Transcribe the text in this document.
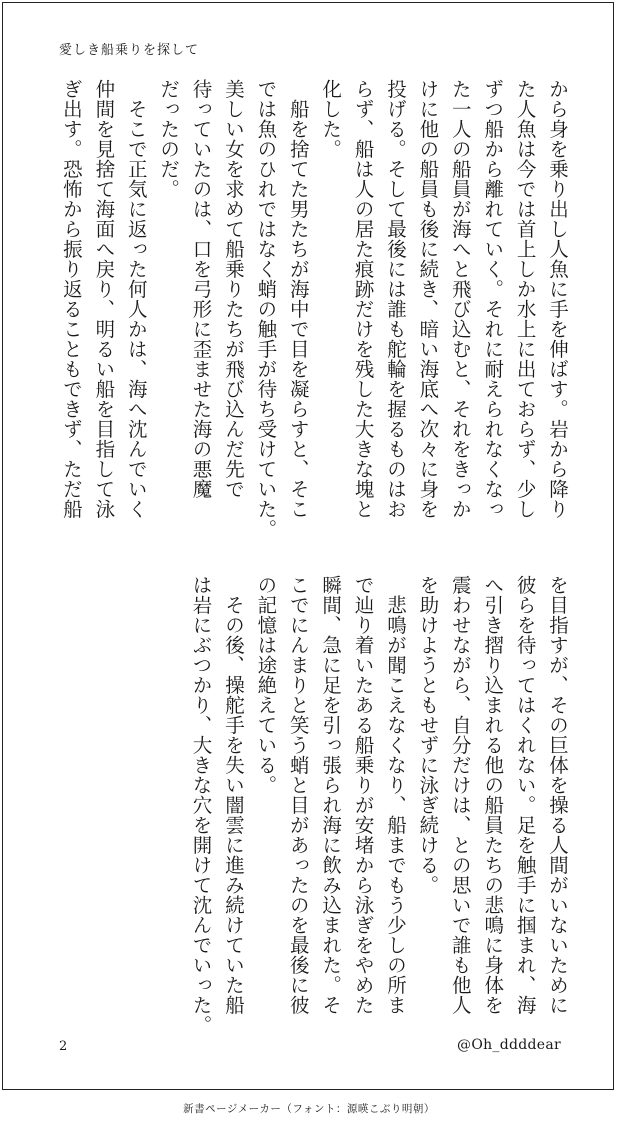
愛しき船乗りを探して
から身を乗り出し人魚に手を伸ばす。岩から降り
た人魚は今では首上しか水上に出ておらず、少し
ずつ船から離れていく。それに耐えられなくなっ
た一人の船員が海へと飛び込むと、それをきっか
けに他の船員も後に続き、暗い海底へ次々に身を
投げる。そして最後には誰も舵輪を握るものはお
らず、船は人の居た痕跡だけを残した大きな塊と
化した。
　船を捨てた男たちが海中で目を凝らすと、そこ
では魚のひれではなく蛸の触手が待ち受けていた。
美しい女を求めて船乗りたちが飛び込んだ先で
待っていたのは、口を弓形に歪ませた海の悪魔
だったのだ。
　そこで正気に返った何人かは、海へ沈んでいく
仲間を見捨て海面へ戻り、明るい船を目指して泳
ぎ出す。恐怖から振り返ることもできず、ただ船
を目指すが、その巨体を操る人間がいないために
彼らを待ってはくれない。足を触手に掴まれ、海
へ引き摺り込まれる他の船員たちの悲鳴に身体を
震わせながら、自分だけは、との思いで誰も他人
を助けようともせずに泳ぎ続ける。
　悲鳴が聞こえなくなり、船までもう少しの所ま
で辿り着いたある船乗りが安堵から泳ぎをやめた
瞬間、急に足を引っ張られ海に飲み込まれた。そ
こでにんまりと笑う蛸と目があったのを最後に彼
の記憶は途絶えている。
　その後、操舵手を失い闇雲に進み続けていた船
は岩にぶつかり、大きな穴を開けて沈んでいった。
2	@Oh_ddddear
新書ページメーカー（フォント：源暎こぶり明朝）
